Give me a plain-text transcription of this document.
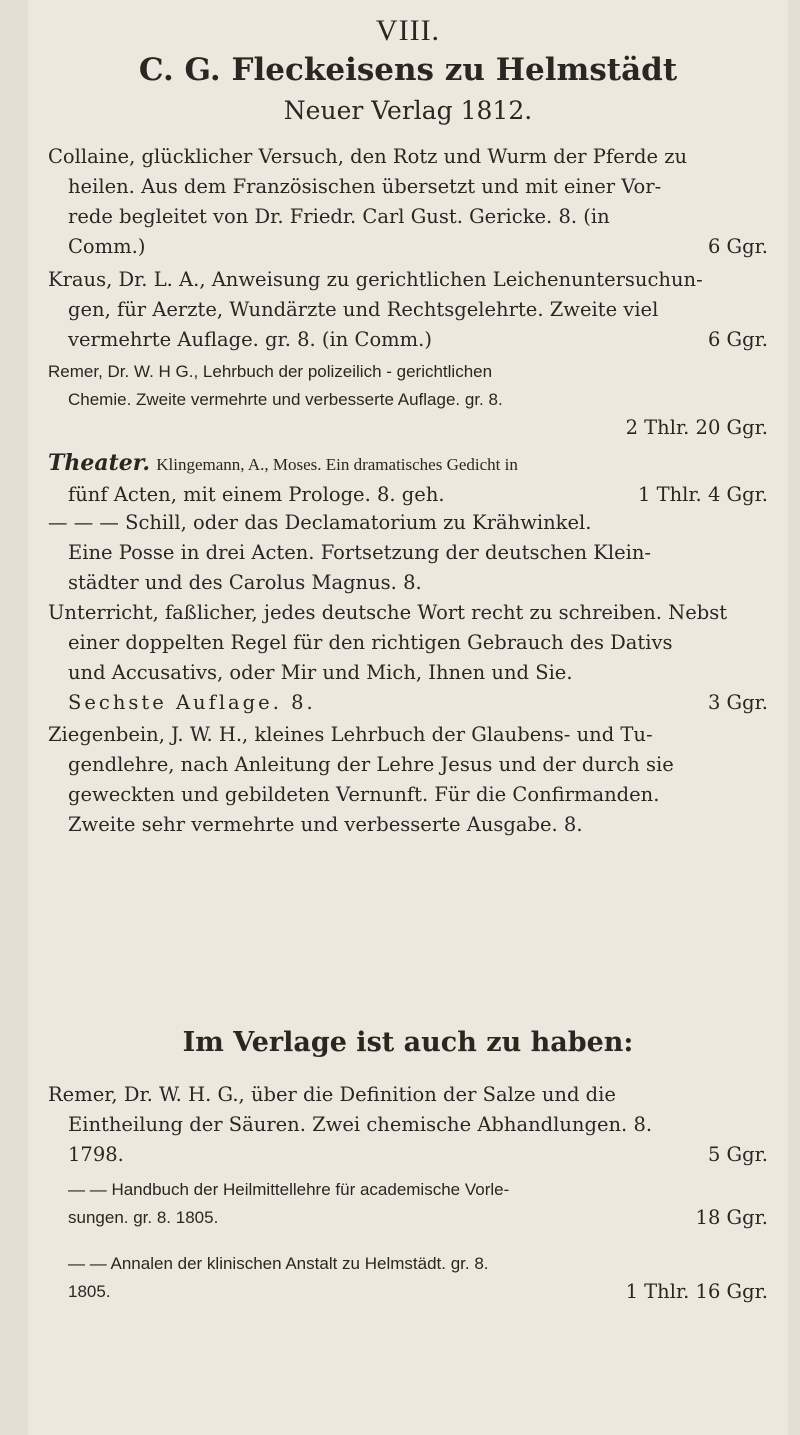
VIII.
C. G. Fleckeisens zu Helmstädt
Neuer Verlag 1812.

Collaine, glücklicher Versuch, den Rotz und Wurm der Pferde zu

heilen. Aus dem Französischen übersetzt und mit einer Vor-

rede begleitet von Dr. Friedr. Carl Gust. Gericke. 8. (in

Comm.)	6 Ggr.

Kraus, Dr. L. A., Anweisung zu gerichtlichen Leichenuntersuchun-

gen, für Aerzte, Wundärzte und Rechtsgelehrte. Zweite viel

vermehrte Auflage. gr. 8. (in Comm.)	6 Ggr.

Remer, Dr. W. H G., Lehrbuch der polizeilich - gerichtlichen

Chemie. Zweite vermehrte und verbesserte Auflage. gr. 8.

2 Thlr. 20 Ggr.

Theater. Klingemann, A., Moses. Ein dramatisches Gedicht in

fünf Acten, mit einem Prologe. 8. geh.	1 Thlr. 4 Ggr.

— — — Schill, oder das Declamatorium zu Krähwinkel.

Eine Posse in drei Acten. Fortsetzung der deutschen Klein-

städter und des Carolus Magnus. 8.

Unterricht, faßlicher, jedes deutsche Wort recht zu schreiben. Nebst

einer doppelten Regel für den richtigen Gebrauch des Dativs

und Accusativs, oder Mir und Mich, Ihnen und Sie.

Sechste Auflage. 8.	3 Ggr.

Ziegenbein, J. W. H., kleines Lehrbuch der Glaubens- und Tu-

gendlehre, nach Anleitung der Lehre Jesus und der durch sie

geweckten und gebildeten Vernunft. Für die Confirmanden.

Zweite sehr vermehrte und verbesserte Ausgabe. 8.

Im Verlage ist auch zu haben:

Remer, Dr. W. H. G., über die Definition der Salze und die

Eintheilung der Säuren. Zwei chemische Abhandlungen. 8.

1798.	5 Ggr.

— — Handbuch der Heilmittellehre für academische Vorle-

sungen. gr. 8. 1805.	18 Ggr.

— — Annalen der klinischen Anstalt zu Helmstädt. gr. 8.

1805.	1 Thlr. 16 Ggr.
